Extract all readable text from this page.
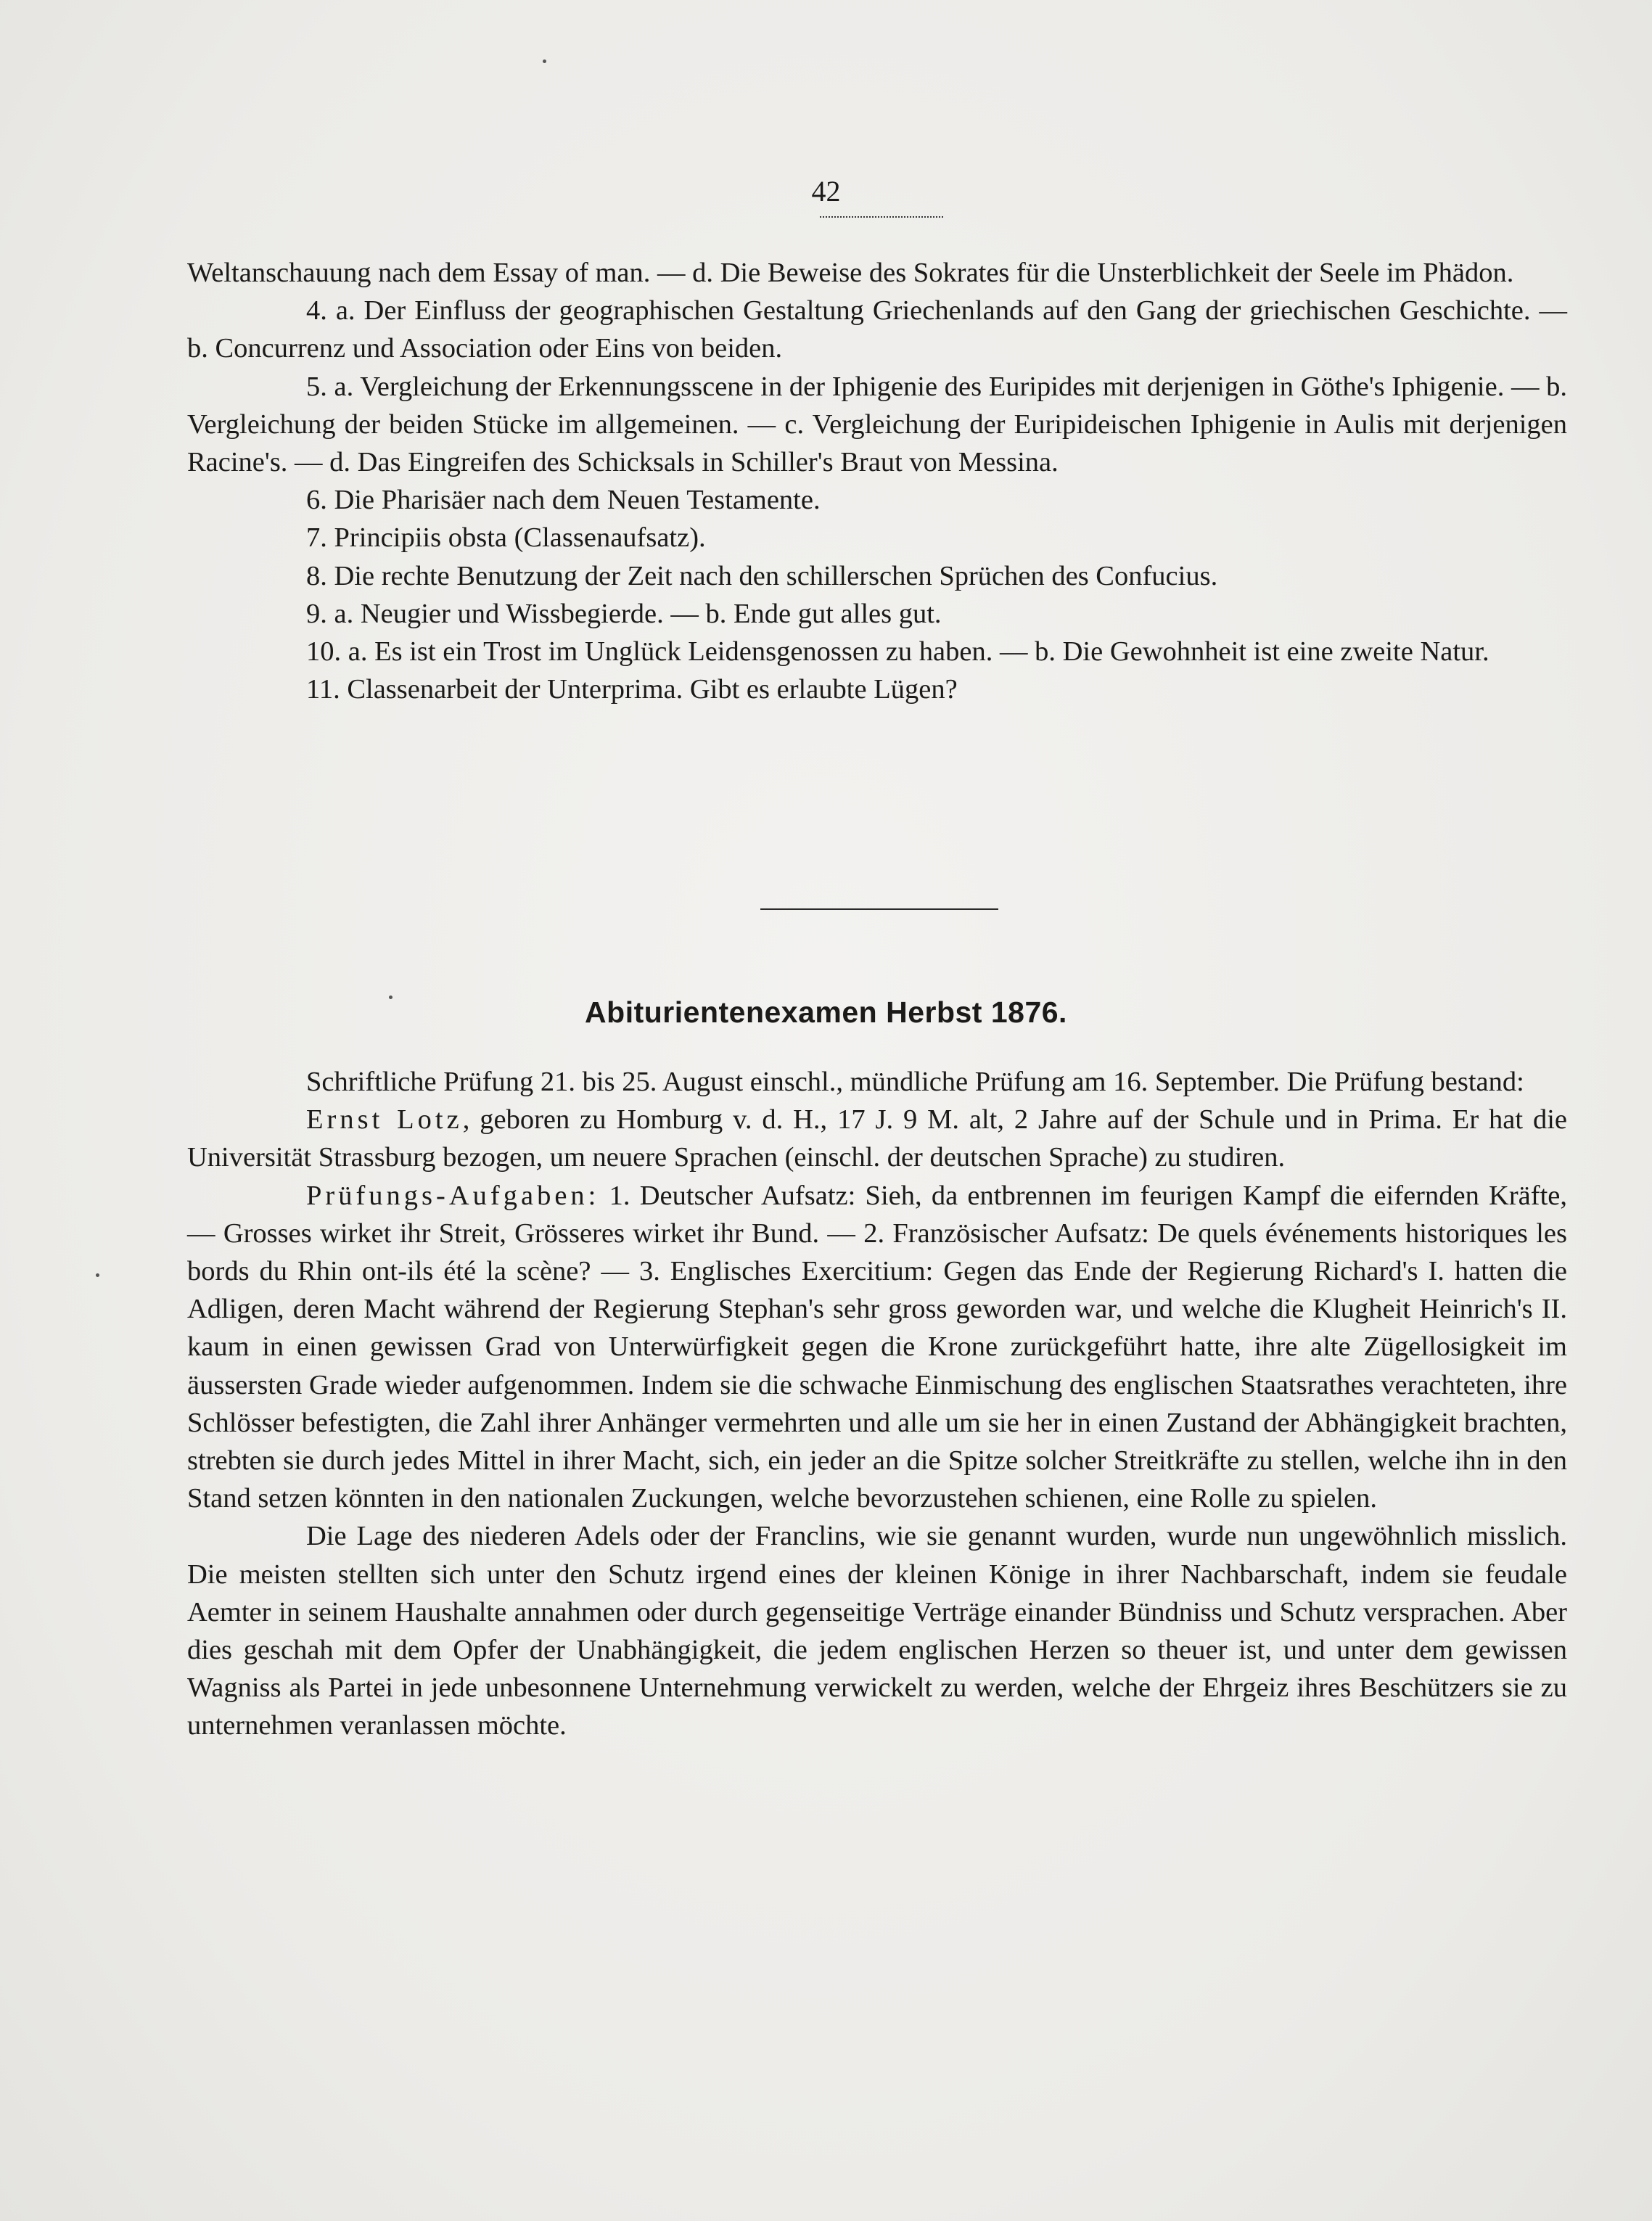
42

Weltanschauung nach dem Essay of man. — d. Die Beweise des Sokrates für die Unsterblichkeit der Seele im Phädon.

4. a. Der Einfluss der geographischen Gestaltung Griechenlands auf den Gang der griechischen Geschichte. — b. Concurrenz und Association oder Eins von beiden.

5. a. Vergleichung der Erkennungsscene in der Iphigenie des Euripides mit derjenigen in Göthe's Iphigenie. — b. Vergleichung der beiden Stücke im allgemeinen. — c. Vergleichung der Euripideischen Iphigenie in Aulis mit derjenigen Racine's. — d. Das Eingreifen des Schicksals in Schiller's Braut von Messina.

6. Die Pharisäer nach dem Neuen Testamente.

7. Principiis obsta (Classenaufsatz).

8. Die rechte Benutzung der Zeit nach den schillerschen Sprüchen des Confucius.

9. a. Neugier und Wissbegierde. — b. Ende gut alles gut.

10. a. Es ist ein Trost im Unglück Leidensgenossen zu haben. — b. Die Gewohnheit ist eine zweite Natur.

11. Classenarbeit der Unterprima. Gibt es erlaubte Lügen?

Abiturientenexamen Herbst 1876.

Schriftliche Prüfung 21. bis 25. August einschl., mündliche Prüfung am 16. September. Die Prüfung bestand:

Ernst Lotz, geboren zu Homburg v. d. H., 17 J. 9 M. alt, 2 Jahre auf der Schule und in Prima. Er hat die Universität Strassburg bezogen, um neuere Sprachen (einschl. der deutschen Sprache) zu studiren.

Prüfungs-Aufgaben: 1. Deutscher Aufsatz: Sieh, da entbrennen im feurigen Kampf die eifernden Kräfte, — Grosses wirket ihr Streit, Grösseres wirket ihr Bund. — 2. Französischer Aufsatz: De quels événements historiques les bords du Rhin ont-ils été la scène? — 3. Englisches Exercitium: Gegen das Ende der Regierung Richard's I. hatten die Adligen, deren Macht während der Regierung Stephan's sehr gross geworden war, und welche die Klugheit Heinrich's II. kaum in einen gewissen Grad von Unterwürfigkeit gegen die Krone zurückgeführt hatte, ihre alte Zügellosigkeit im äussersten Grade wieder aufgenommen. Indem sie die schwache Einmischung des englischen Staatsrathes verachteten, ihre Schlösser befestigten, die Zahl ihrer Anhänger vermehrten und alle um sie her in einen Zustand der Abhängigkeit brachten, strebten sie durch jedes Mittel in ihrer Macht, sich, ein jeder an die Spitze solcher Streitkräfte zu stellen, welche ihn in den Stand setzen könnten in den nationalen Zuckungen, welche bevorzustehen schienen, eine Rolle zu spielen.

Die Lage des niederen Adels oder der Franclins, wie sie genannt wurden, wurde nun ungewöhnlich misslich. Die meisten stellten sich unter den Schutz irgend eines der kleinen Könige in ihrer Nachbarschaft, indem sie feudale Aemter in seinem Haushalte annahmen oder durch gegenseitige Verträge einander Bündniss und Schutz versprachen. Aber dies geschah mit dem Opfer der Unabhängigkeit, die jedem englischen Herzen so theuer ist, und unter dem gewissen Wagniss als Partei in jede unbesonnene Unternehmung verwickelt zu werden, welche der Ehrgeiz ihres Beschützers sie zu unternehmen veranlassen möchte.
